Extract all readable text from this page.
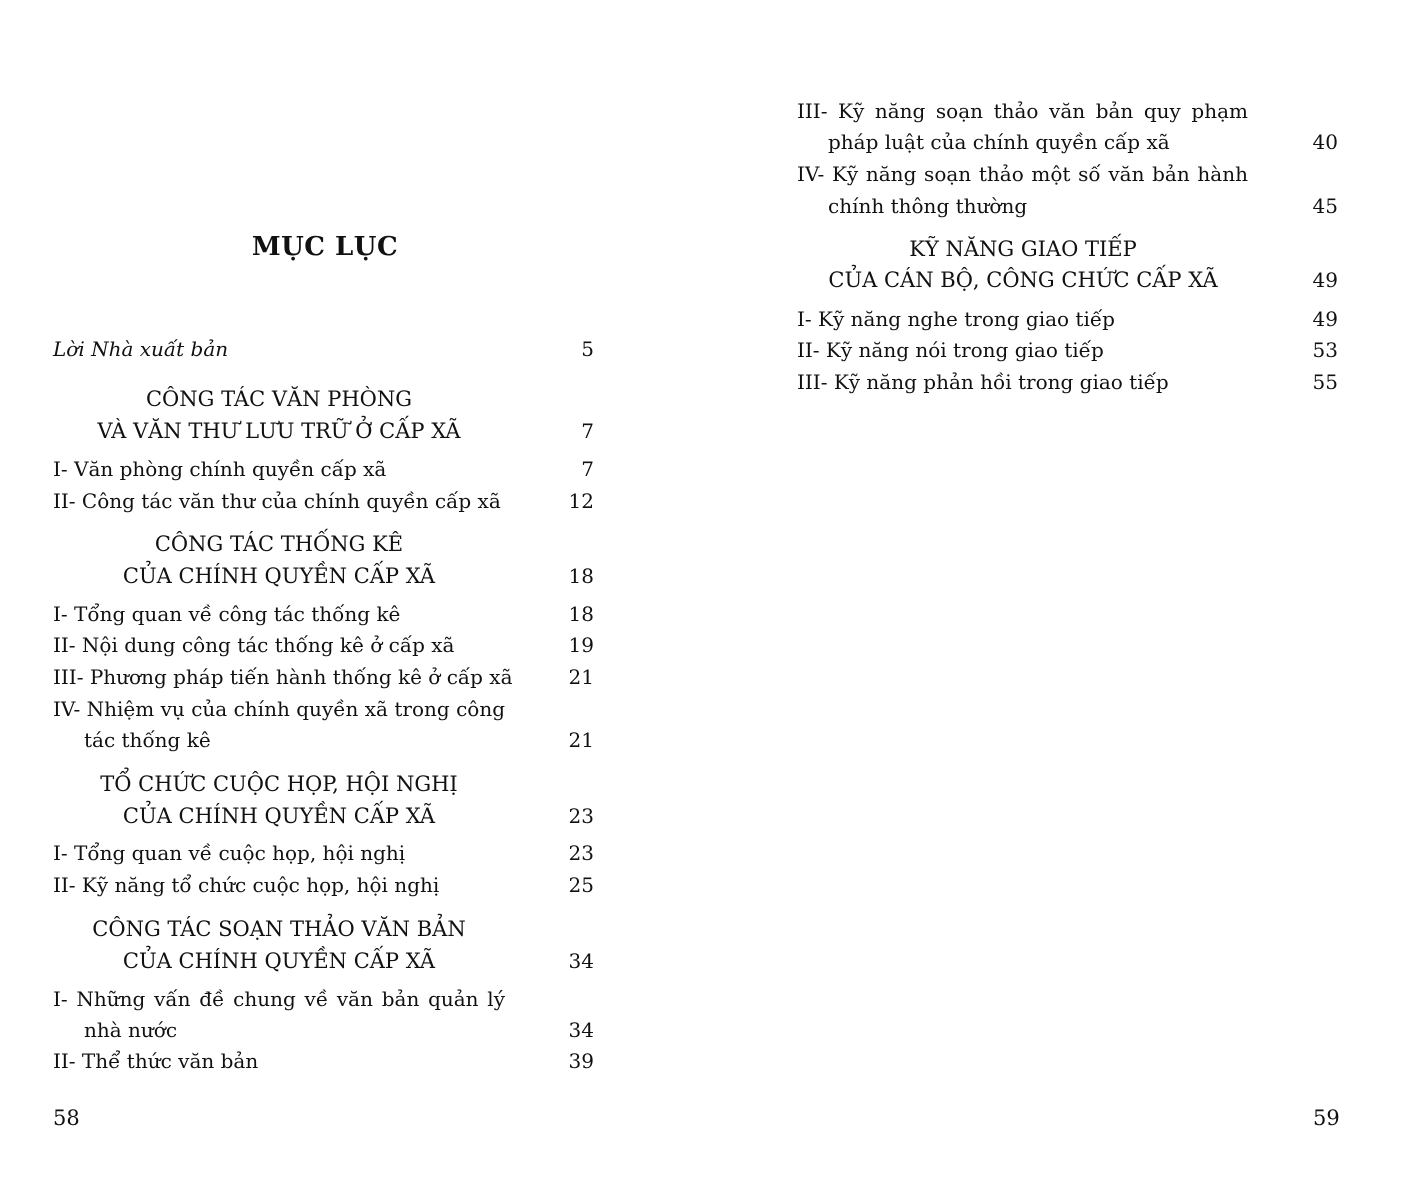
MỤC LỤC
Lời Nhà xuất bản	5
CÔNG TÁC VĂN PHÒNG
VÀ VĂN THƯ LƯU TRỮ Ở CẤP XÃ	7
I- Văn phòng chính quyền cấp xã	7
II- Công tác văn thư của chính quyền cấp xã	12
CÔNG TÁC THỐNG KÊ
CỦA CHÍNH QUYỀN CẤP XÃ	18
I- Tổng quan về công tác thống kê	18
II- Nội dung công tác thống kê ở cấp xã	19
III- Phương pháp tiến hành thống kê ở cấp xã	21
IV- Nhiệm vụ của chính quyền xã trong công
tác thống kê	21
TỔ CHỨC CUỘC HỌP, HỘI NGHỊ
CỦA CHÍNH QUYỀN CẤP XÃ	23
I- Tổng quan về cuộc họp, hội nghị	23
II- Kỹ năng tổ chức cuộc họp, hội nghị	25
CÔNG TÁC SOẠN THẢO VĂN BẢN
CỦA CHÍNH QUYỀN CẤP XÃ	34
I- Những vấn đề chung về văn bản quản lý
nhà nước	34
II- Thể thức văn bản	39
58
III- Kỹ năng soạn thảo văn bản quy phạm
pháp luật của chính quyền cấp xã	40
IV- Kỹ năng soạn thảo một số văn bản hành
chính thông thường	45
KỸ NĂNG GIAO TIẾP
CỦA CÁN BỘ, CÔNG CHỨC CẤP XÃ	49
I- Kỹ năng nghe trong giao tiếp	49
II- Kỹ năng nói trong giao tiếp	53
III- Kỹ năng phản hồi trong giao tiếp	55
59
